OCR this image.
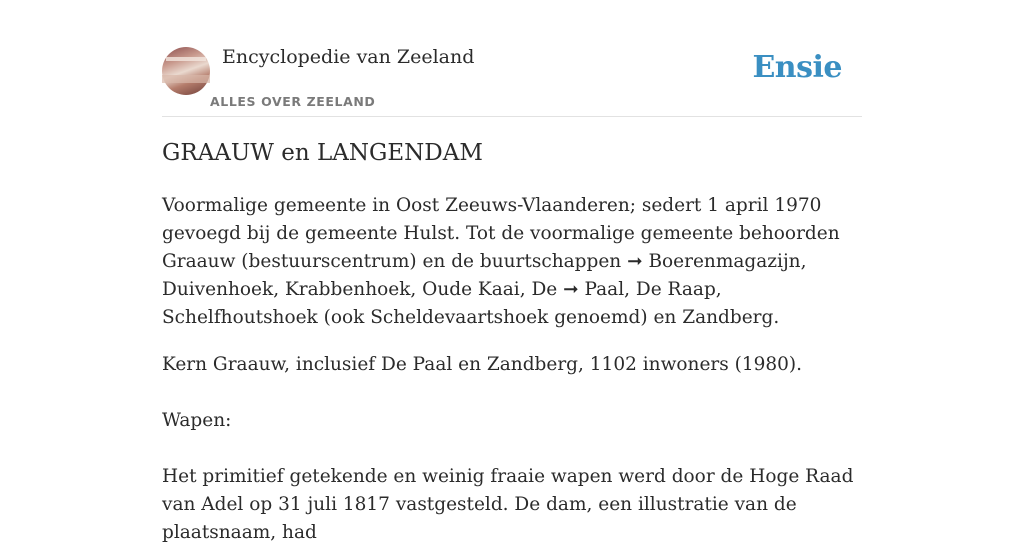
Encyclopedie van Zeeland
ALLES OVER ZEELAND
Ensie
GRAAUW en LANGENDAM

Voormalige gemeente in Oost Zeeuws-Vlaanderen; sedert 1 april 1970 gevoegd bij de gemeente Hulst. Tot de voormalige gemeente behoorden Graauw (bestuurscentrum) en de buurtschappen ➞ Boerenmagazijn, Duivenhoek, Krabbenhoek, Oude Kaai, De ➞ Paal, De Raap, Schelfhoutshoek (ook Scheldevaartshoek genoemd) en Zandberg.

Kern Graauw, inclusief De Paal en Zandberg, 1102 inwoners (1980).

Wapen:

Het primitief getekende en weinig fraaie wapen werd door de Hoge Raad van Adel op 31 juli 1817 vastgesteld. De dam, een illustratie van de plaatsnaam, had
